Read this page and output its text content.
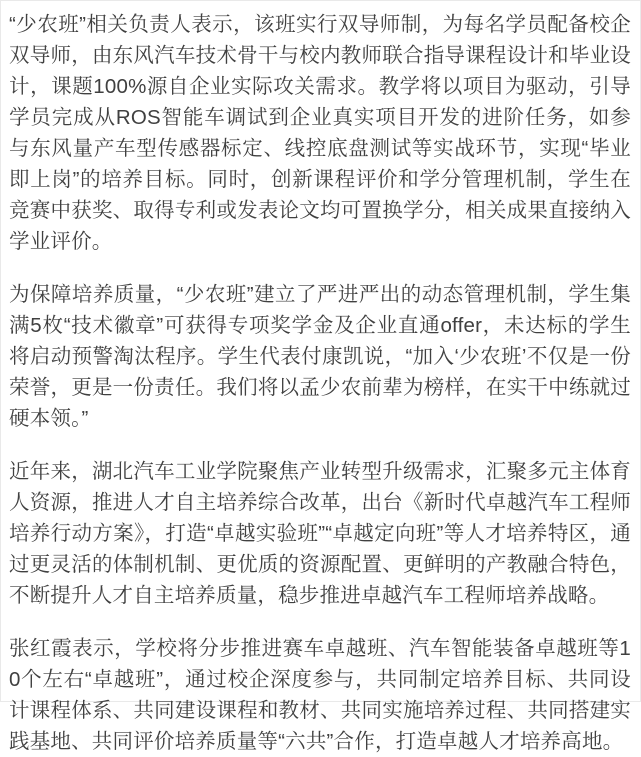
“少农班”相关负责人表示，该班实行双导师制，为每名学员配备校企双导师，由东风汽车技术骨干与校内教师联合指导课程设计和毕业设计，课题100%源自企业实际攻关需求。教学将以项目为驱动，引导学员完成从ROS智能车调试到企业真实项目开发的进阶任务，如参与东风量产车型传感器标定、线控底盘测试等实战环节，实现“毕业即上岗”的培养目标。同时，创新课程评价和学分管理机制，学生在竞赛中获奖、取得专利或发表论文均可置换学分，相关成果直接纳入学业评价。

为保障培养质量，“少农班”建立了严进严出的动态管理机制，学生集满5枚“技术徽章”可获得专项奖学金及企业直通offer，未达标的学生将启动预警淘汰程序。学生代表付康凯说，“加入‘少农班’不仅是一份荣誉，更是一份责任。我们将以孟少农前辈为榜样，在实干中练就过硬本领。”

近年来，湖北汽车工业学院聚焦产业转型升级需求，汇聚多元主体育人资源，推进人才自主培养综合改革，出台《新时代卓越汽车工程师培养行动方案》，打造“卓越实验班”“卓越定向班”等人才培养特区，通过更灵活的体制机制、更优质的资源配置、更鲜明的产教融合特色，不断提升人才自主培养质量，稳步推进卓越汽车工程师培养战略。

张红霞表示，学校将分步推进赛车卓越班、汽车智能装备卓越班等10个左右“卓越班”，通过校企深度参与，共同制定培养目标、共同设计课程体系、共同建设课程和教材、共同实施培养过程、共同搭建实践基地、共同评价培养质量等“六共”合作，打造卓越人才培养高地。
